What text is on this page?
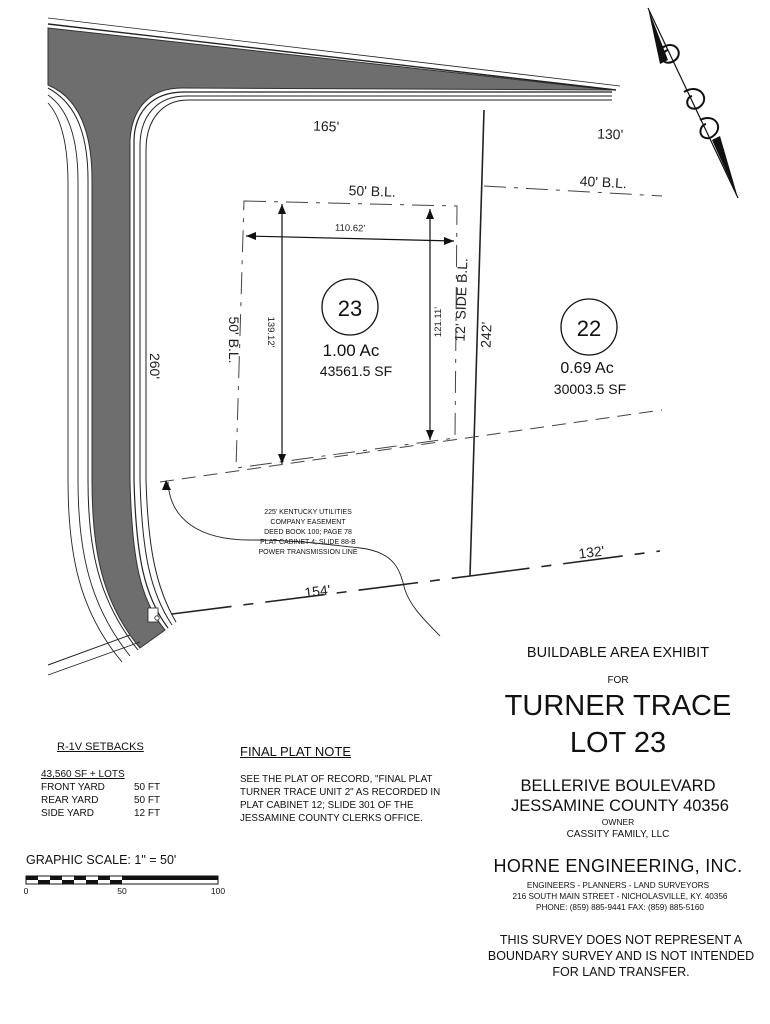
165'	130'
50' B.L.	40' B.L.
110.62'
139.12'	121.11'
50' B.L.	12' SIDE B.L. 242'
260'
154'
132'
23
1.00 Ac
43561.5 SF
22
0.69 Ac
30003.5 SF
225' KENTUCKY UTILITIES
COMPANY EASEMENT
DEED BOOK 100; PAGE 78
PLAT CABINET 4; SLIDE 88-B
POWER TRANSMISSION LINE
BUILDABLE AREA EXHIBIT
FOR
TURNER TRACE
LOT 23
BELLERIVE BOULEVARD
JESSAMINE COUNTY 40356
OWNER
CASSITY FAMILY, LLC
HORNE ENGINEERING, INC.
ENGINEERS - PLANNERS - LAND SURVEYORS
216 SOUTH MAIN STREET - NICHOLASVILLE, KY. 40356
PHONE: (859) 885-9441 FAX: (859) 885-5160
THIS SURVEY DOES NOT REPRESENT A
BOUNDARY SURVEY AND IS NOT INTENDED
FOR LAND TRANSFER.
R-1V SETBACKS
43,560 SF + LOTS
FRONT YARD	50 FT
REAR YARD	50 FT
SIDE YARD	12 FT
FINAL PLAT NOTE
SEE THE PLAT OF RECORD, "FINAL PLAT
TURNER TRACE UNIT 2" AS RECORDED IN
PLAT CABINET 12; SLIDE 301 OF THE
JESSAMINE COUNTY CLERKS OFFICE.
GRAPHIC SCALE: 1" = 50'
0	50	100
